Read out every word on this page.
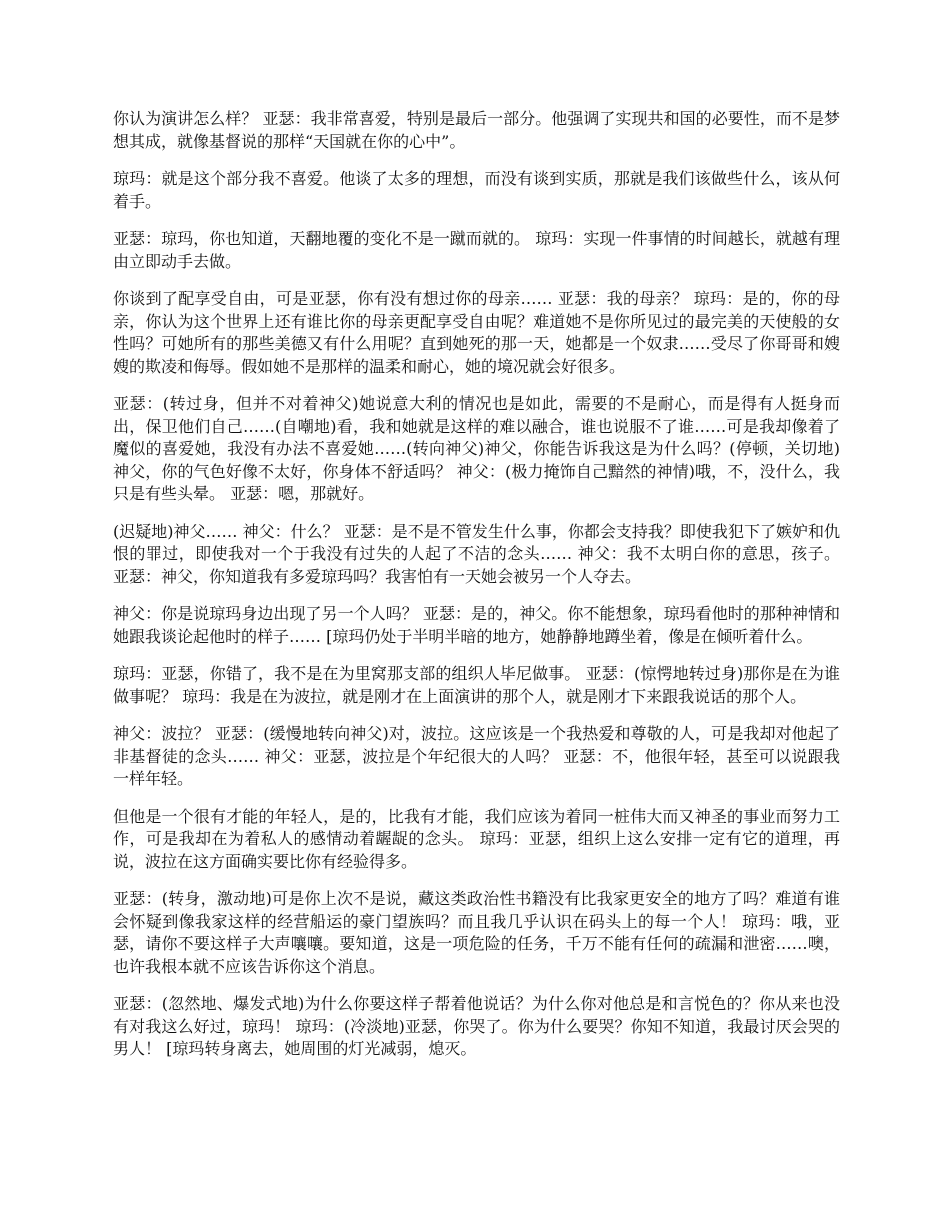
你认为演讲怎么样？ 亚瑟：我非常喜爱，特别是最后一部分。他强调了实现共和国的必要性，而不是梦想其成，就像基督说的那样“天国就在你的心中”。

琼玛：就是这个部分我不喜爱。他谈了太多的理想，而没有谈到实质，那就是我们该做些什么，该从何着手。

亚瑟：琼玛，你也知道，天翻地覆的变化不是一蹴而就的。 琼玛：实现一件事情的时间越长，就越有理由立即动手去做。

你谈到了配享受自由，可是亚瑟，你有没有想过你的母亲…… 亚瑟：我的母亲？ 琼玛：是的，你的母亲，你认为这个世界上还有谁比你的母亲更配享受自由呢？难道她不是你所见过的最完美的天使般的女性吗？可她所有的那些美德又有什么用呢？直到她死的那一天，她都是一个奴隶……受尽了你哥哥和嫂嫂的欺凌和侮辱。假如她不是那样的温柔和耐心，她的境况就会好很多。

亚瑟：(转过身，但并不对着神父)她说意大利的情况也是如此，需要的不是耐心，而是得有人挺身而出，保卫他们自己……(自嘲地)看，我和她就是这样的难以融合，谁也说服不了谁……可是我却像着了魔似的喜爱她，我没有办法不喜爱她……(转向神父)神父，你能告诉我这是为什么吗？(停顿，关切地)神父，你的气色好像不太好，你身体不舒适吗？ 神父：(极力掩饰自己黯然的神情)哦，不，没什么，我只是有些头晕。 亚瑟：嗯，那就好。

(迟疑地)神父…… 神父：什么？ 亚瑟：是不是不管发生什么事，你都会支持我？即使我犯下了嫉妒和仇恨的罪过，即使我对一个于我没有过失的人起了不洁的念头…… 神父：我不太明白你的意思，孩子。 亚瑟：神父，你知道我有多爱琼玛吗？我害怕有一天她会被另一个人夺去。

神父：你是说琼玛身边出现了另一个人吗？ 亚瑟：是的，神父。你不能想象，琼玛看他时的那种神情和她跟我谈论起他时的样子…… [琼玛仍处于半明半暗的地方，她静静地蹲坐着，像是在倾听着什么。

琼玛：亚瑟，你错了，我不是在为里窝那支部的组织人毕尼做事。 亚瑟：(惊愕地转过身)那你是在为谁做事呢？ 琼玛：我是在为波拉，就是刚才在上面演讲的那个人，就是刚才下来跟我说话的那个人。

神父：波拉？ 亚瑟：(缓慢地转向神父)对，波拉。这应该是一个我热爱和尊敬的人，可是我却对他起了非基督徒的念头…… 神父：亚瑟，波拉是个年纪很大的人吗？ 亚瑟：不，他很年轻，甚至可以说跟我一样年轻。

但他是一个很有才能的年轻人，是的，比我有才能，我们应该为着同一桩伟大而又神圣的事业而努力工作，可是我却在为着私人的感情动着龌龊的念头。 琼玛：亚瑟，组织上这么安排一定有它的道理，再说，波拉在这方面确实要比你有经验得多。

亚瑟：(转身，激动地)可是你上次不是说，藏这类政治性书籍没有比我家更安全的地方了吗？难道有谁会怀疑到像我家这样的经营船运的豪门望族吗？而且我几乎认识在码头上的每一个人！ 琼玛：哦，亚瑟，请你不要这样子大声嚷嚷。要知道，这是一项危险的任务，千万不能有任何的疏漏和泄密……噢，也许我根本就不应该告诉你这个消息。

亚瑟：(忽然地、爆发式地)为什么你要这样子帮着他说话？为什么你对他总是和言悦色的？你从来也没有对我这么好过，琼玛！ 琼玛：(冷淡地)亚瑟，你哭了。你为什么要哭？你知不知道，我最讨厌会哭的男人！ [琼玛转身离去，她周围的灯光减弱，熄灭。
